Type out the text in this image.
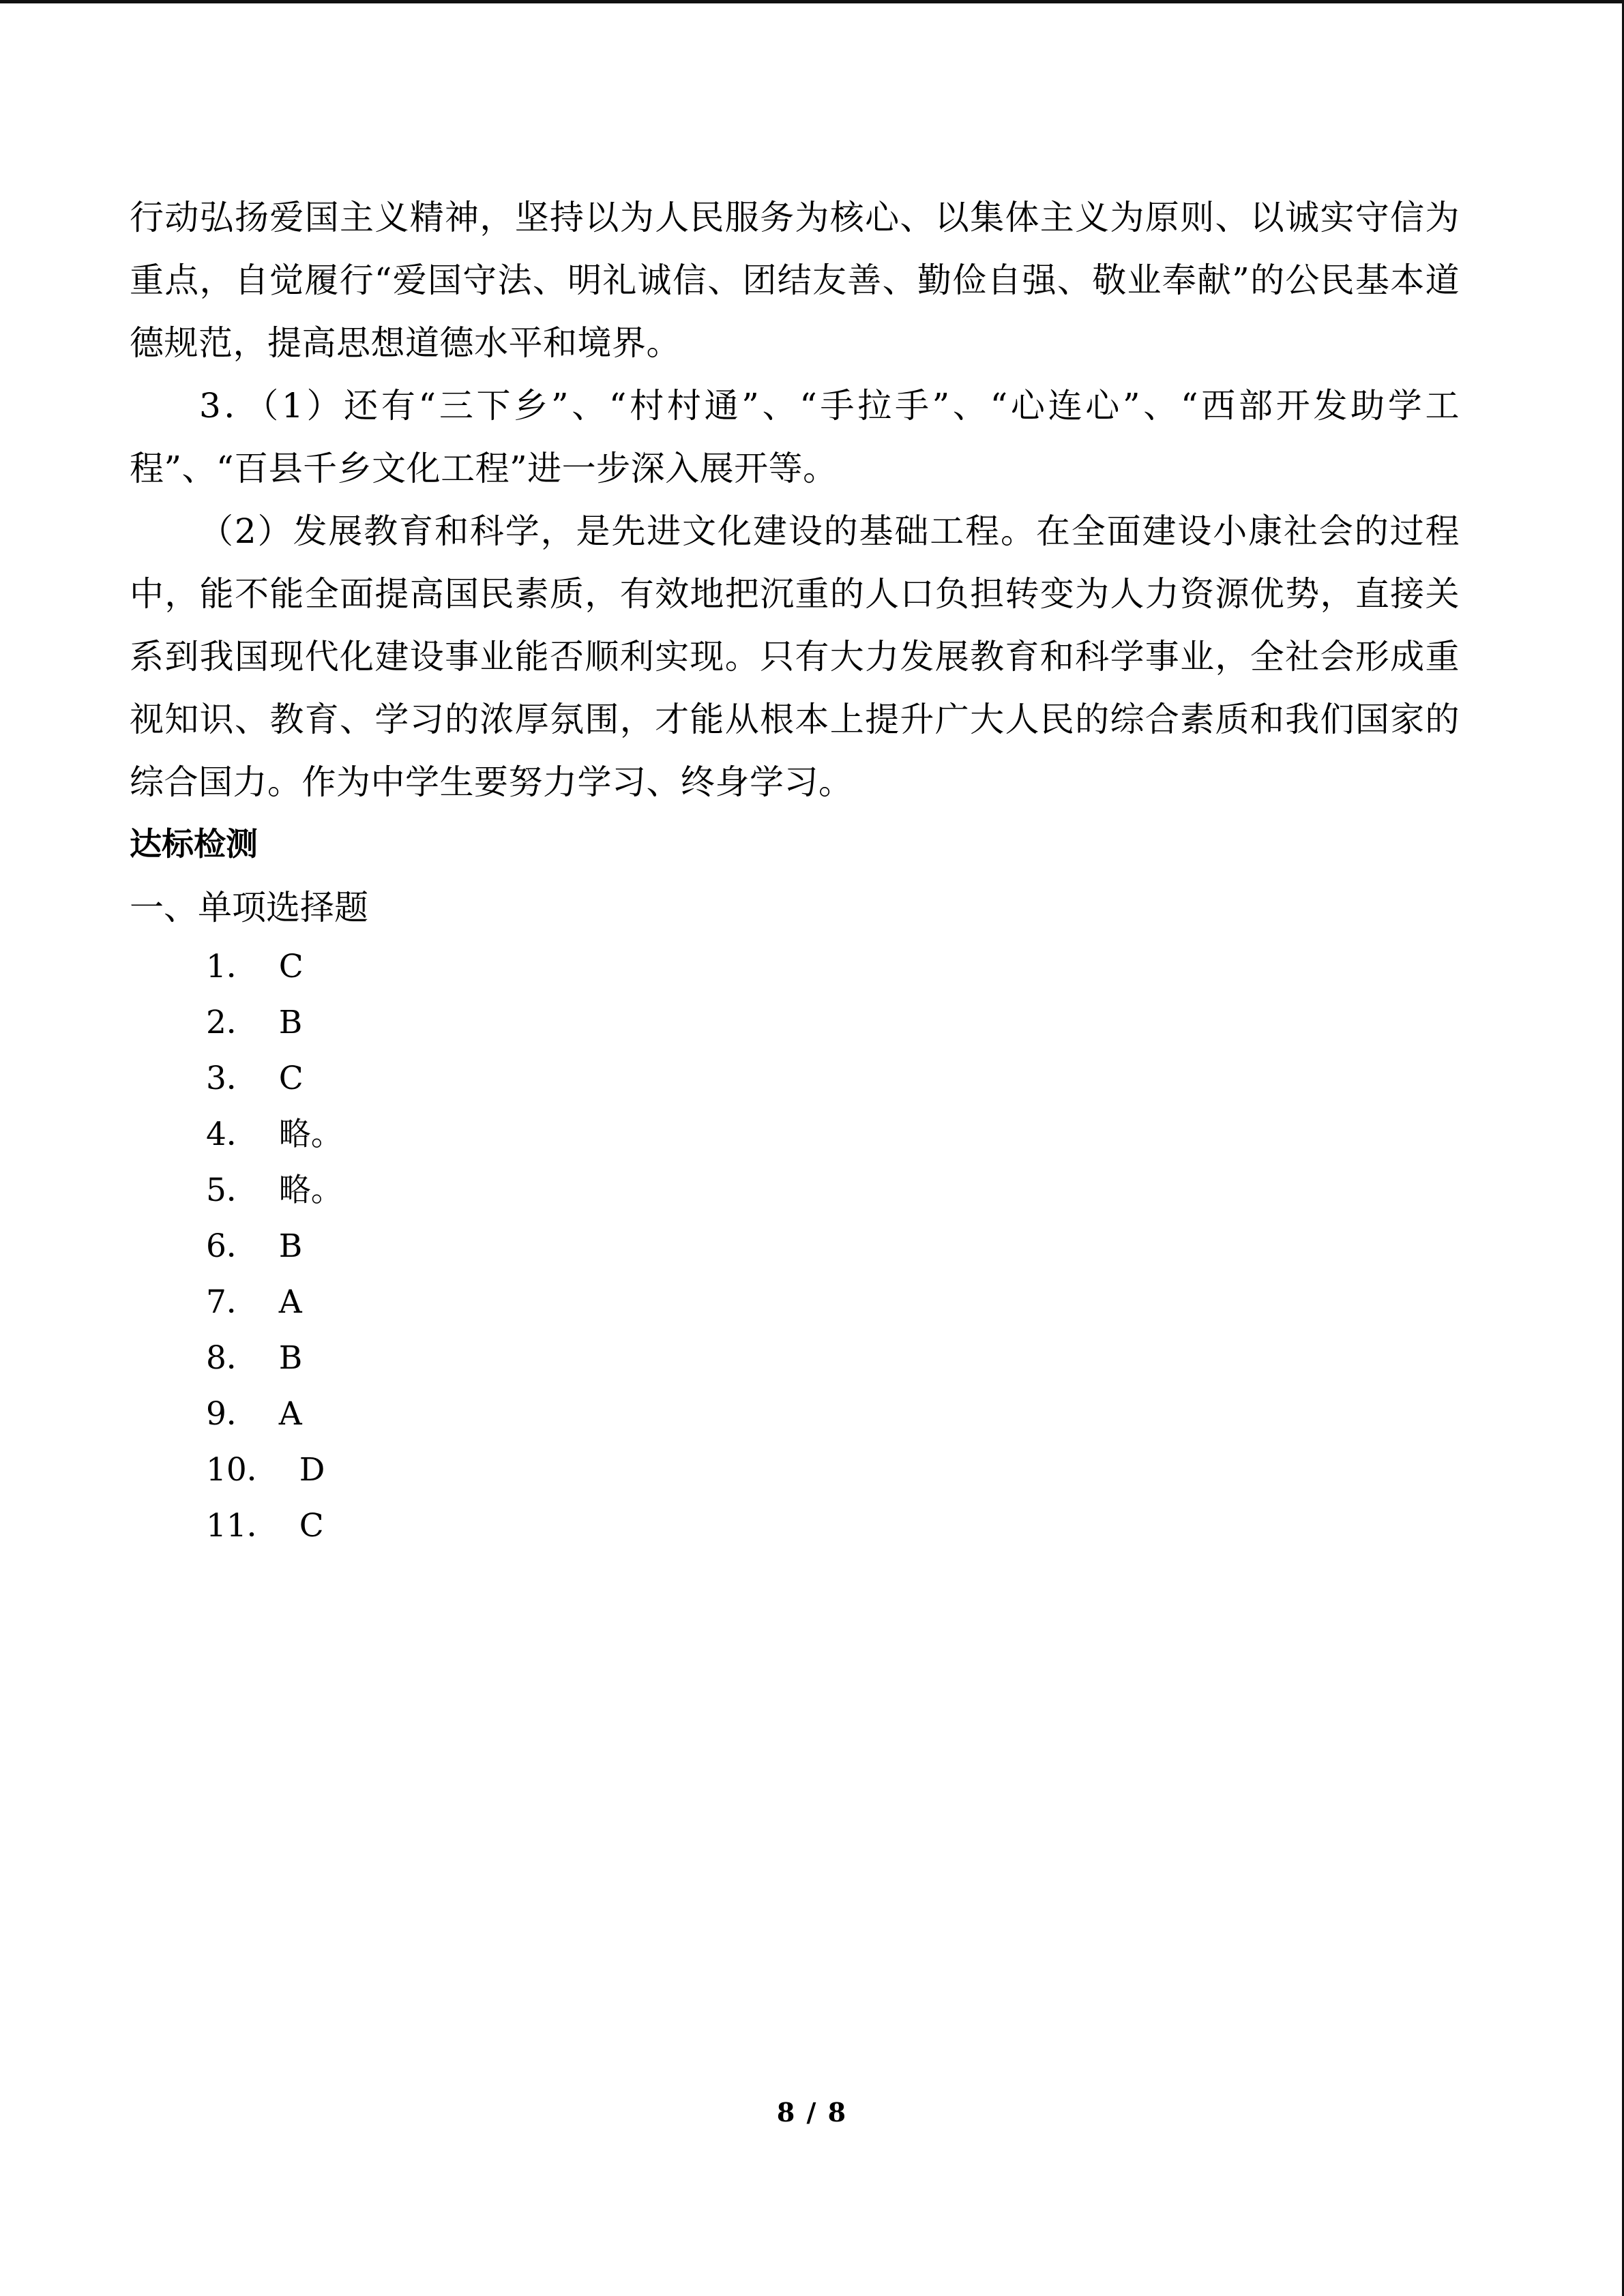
行动弘扬爱国主义精神，坚持以为人民服务为核心、以集体主义为原则、以诚实守信为重点，自觉履行“爱国守法、明礼诚信、团结友善、勤俭自强、敬业奉献”的公民基本道德规范，提高思想道德水平和境界。

3．（1）还有“三下乡”、“村村通”、“手拉手”、“心连心”、“西部开发助学工程”、“百县千乡文化工程”进一步深入展开等。

（2）发展教育和科学，是先进文化建设的基础工程。在全面建设小康社会的过程中，能不能全面提高国民素质，有效地把沉重的人口负担转变为人力资源优势，直接关系到我国现代化建设事业能否顺利实现。只有大力发展教育和科学事业，全社会形成重视知识、教育、学习的浓厚氛围，才能从根本上提升广大人民的综合素质和我们国家的综合国力。作为中学生要努力学习、终身学习。

达标检测

一、单项选择题

1．  C
2．  B
3．  C
4．  略。
5．  略。
6．  B
7．  A
8．  B
9．  A
10．  D
11．  C
8 / 8
